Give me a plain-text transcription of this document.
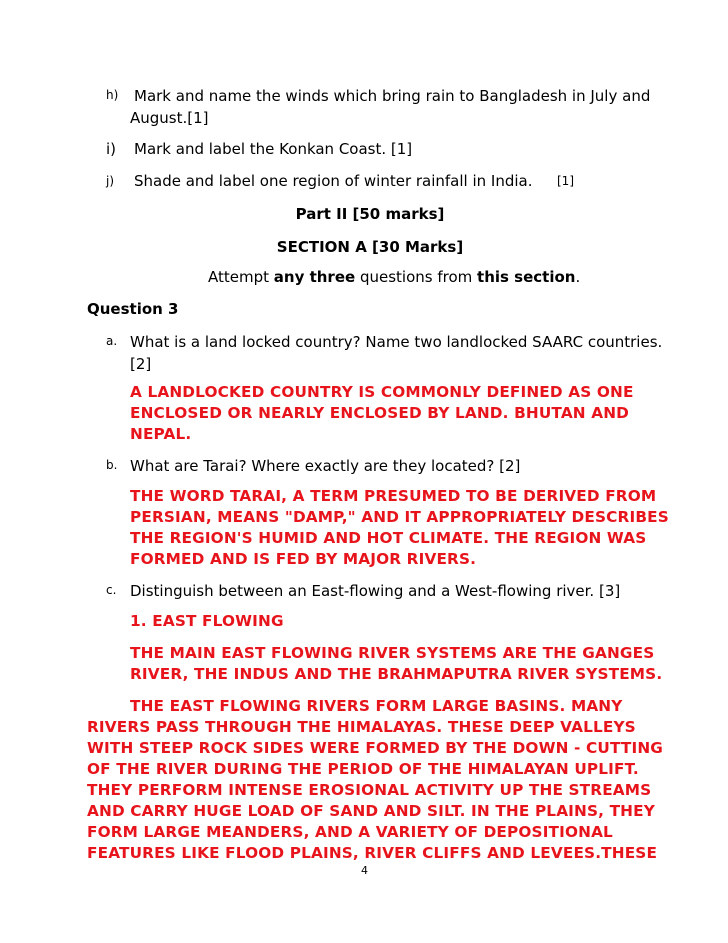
h) Mark and name the winds which bring rain to Bangladesh in July and
August.[1]
i) Mark and label the Konkan Coast. [1]
j) Shade and label one region of winter rainfall in India. [1]
Part II [50 marks]
SECTION A [30 Marks]
Attempt any three questions from this section.
Question 3
a. What is a land locked country? Name two landlocked SAARC countries.
[2]
A LANDLOCKED COUNTRY IS COMMONLY DEFINED AS ONE
ENCLOSED OR NEARLY ENCLOSED BY LAND. BHUTAN AND
NEPAL.
b. What are Tarai? Where exactly are they located? [2]
THE WORD TARAI, A TERM PRESUMED TO BE DERIVED FROM
PERSIAN, MEANS "DAMP," AND IT APPROPRIATELY DESCRIBES
THE REGION'S HUMID AND HOT CLIMATE. THE REGION WAS
FORMED AND IS FED BY MAJOR RIVERS.
c. Distinguish between an East-flowing and a West-flowing river. [3]
1. EAST FLOWING
THE MAIN EAST FLOWING RIVER SYSTEMS ARE THE GANGES
RIVER, THE INDUS AND THE BRAHMAPUTRA RIVER SYSTEMS.
THE EAST FLOWING RIVERS FORM LARGE BASINS. MANY
RIVERS PASS THROUGH THE HIMALAYAS. THESE DEEP VALLEYS
WITH STEEP ROCK SIDES WERE FORMED BY THE DOWN - CUTTING
OF THE RIVER DURING THE PERIOD OF THE HIMALAYAN UPLIFT.
THEY PERFORM INTENSE EROSIONAL ACTIVITY UP THE STREAMS
AND CARRY HUGE LOAD OF SAND AND SILT. IN THE PLAINS, THEY
FORM LARGE MEANDERS, AND A VARIETY OF DEPOSITIONAL
FEATURES LIKE FLOOD PLAINS, RIVER CLIFFS AND LEVEES.THESE
4
